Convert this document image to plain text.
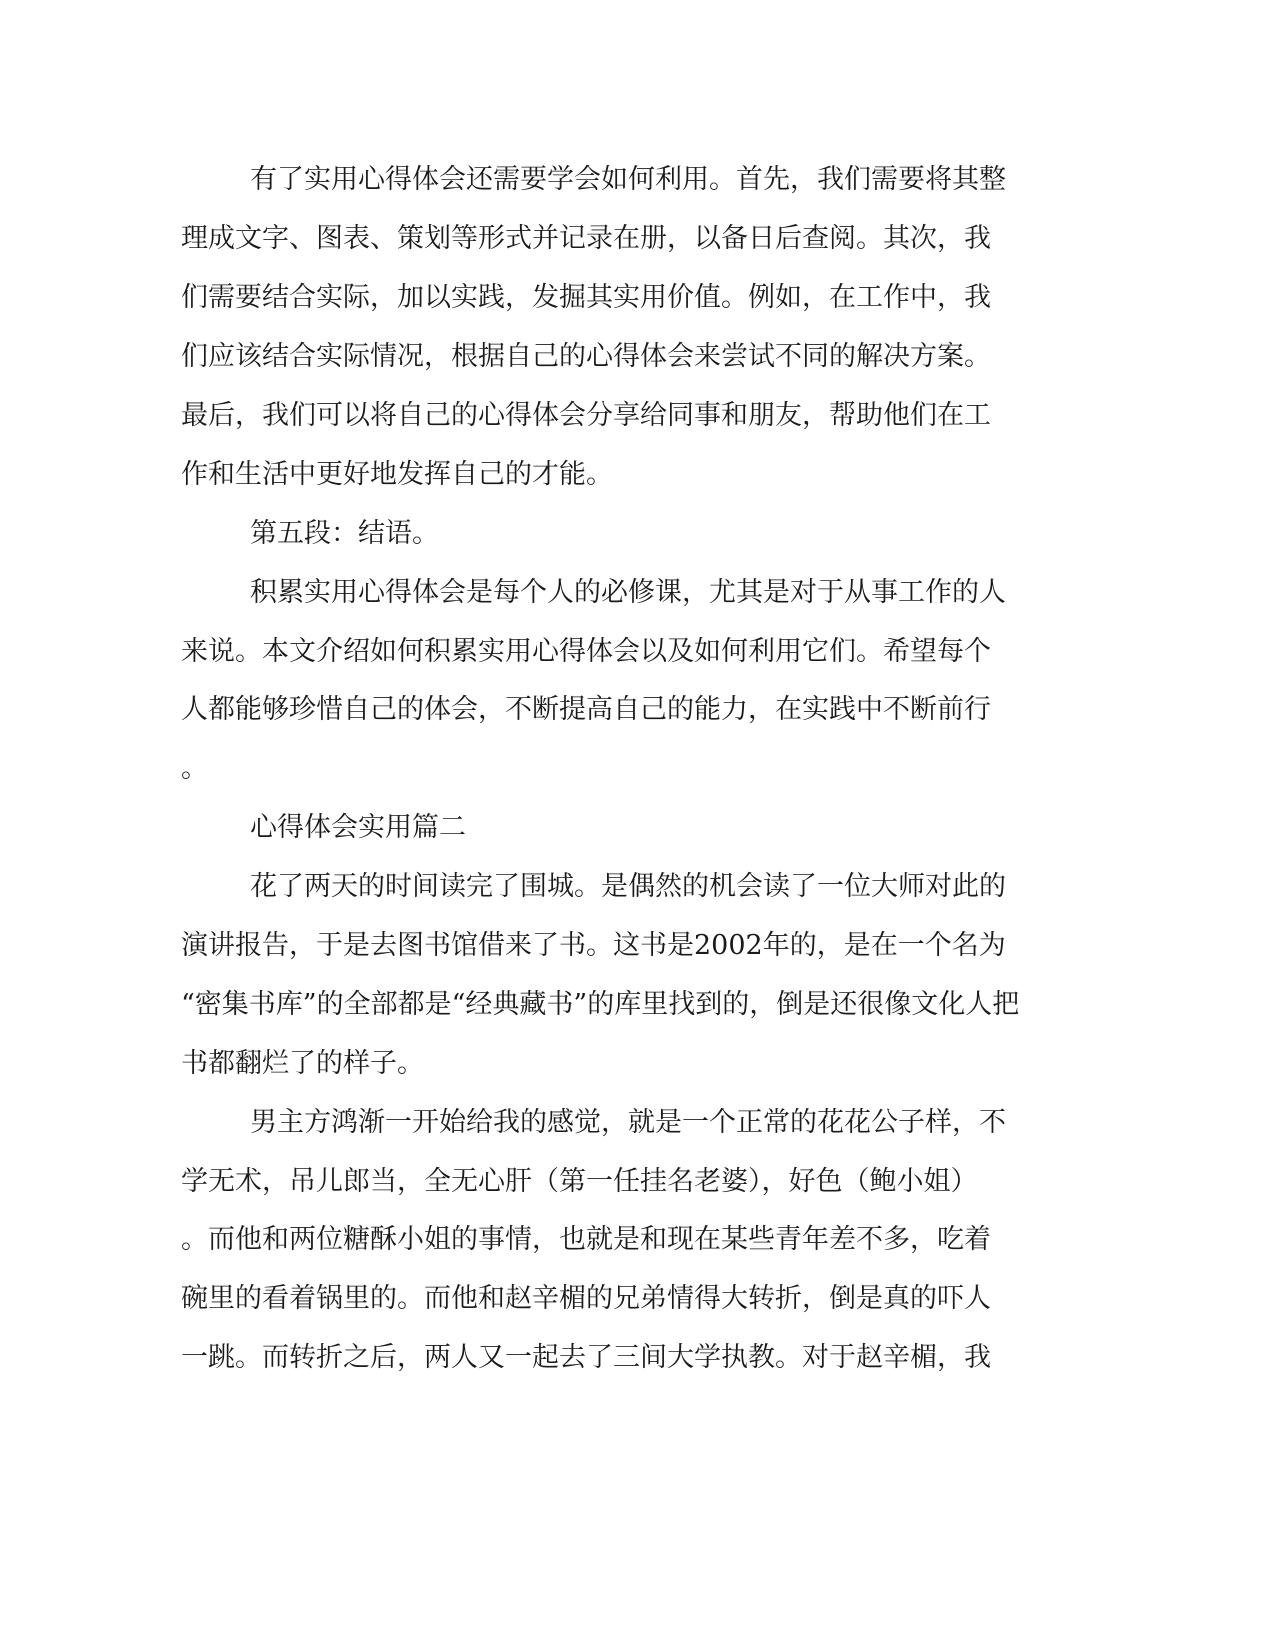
有了实用心得体会还需要学会如何利用。首先，我们需要将其整
理成文字、图表、策划等形式并记录在册，以备日后查阅。其次，我
们需要结合实际，加以实践，发掘其实用价值。例如，在工作中，我
们应该结合实际情况，根据自己的心得体会来尝试不同的解决方案。
最后，我们可以将自己的心得体会分享给同事和朋友，帮助他们在工
作和生活中更好地发挥自己的才能。
第五段：结语。
积累实用心得体会是每个人的必修课，尤其是对于从事工作的人
来说。本文介绍如何积累实用心得体会以及如何利用它们。希望每个
人都能够珍惜自己的体会，不断提高自己的能力，在实践中不断前行
。
心得体会实用篇二
花了两天的时间读完了围城。是偶然的机会读了一位大师对此的
演讲报告，于是去图书馆借来了书。这书是2002年的，是在一个名为
“密集书库”的全部都是“经典藏书”的库里找到的，倒是还很像文化人把
书都翻烂了的样子。
男主方鸿渐一开始给我的感觉，就是一个正常的花花公子样，不
学无术，吊儿郎当，全无心肝（第一任挂名老婆），好色（鲍小姐）
。而他和两位糖酥小姐的事情，也就是和现在某些青年差不多，吃着
碗里的看着锅里的。而他和赵辛楣的兄弟情得大转折，倒是真的吓人
一跳。而转折之后，两人又一起去了三间大学执教。对于赵辛楣，我
